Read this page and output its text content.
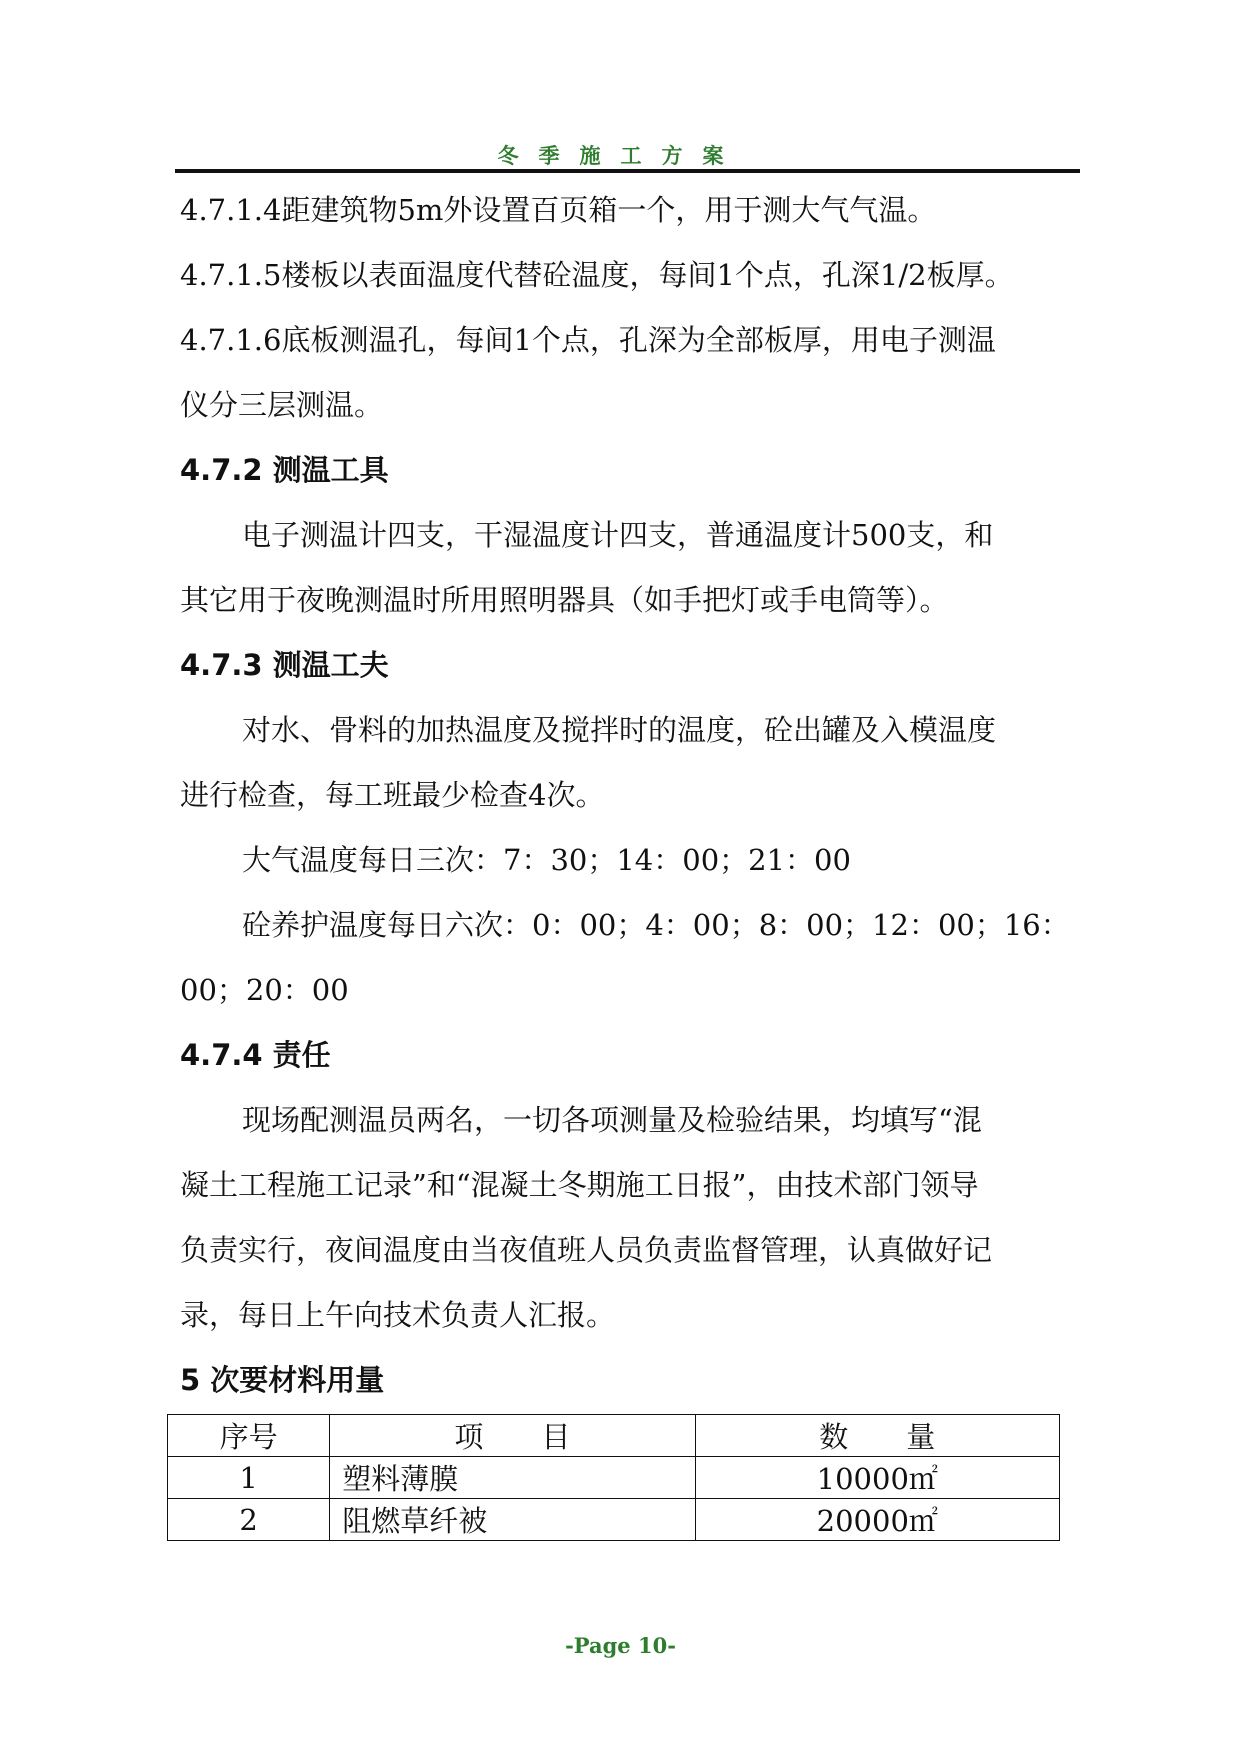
冬季施工方案

4.7.1.4距建筑物5m外设置百页箱一个，用于测大气气温。

4.7.1.5楼板以表面温度代替砼温度，每间1个点，孔深1/2板厚。

4.7.1.6底板测温孔，每间1个点，孔深为全部板厚，用电子测温

仪分三层测温。

4.7.2 测温工具

电子测温计四支，干湿温度计四支，普通温度计500支，和

其它用于夜晚测温时所用照明器具（如手把灯或手电筒等）。

4.7.3 测温工夫

对水、骨料的加热温度及搅拌时的温度，砼出罐及入模温度

进行检查，每工班最少检查4次。

大气温度每日三次：7：30；14：00；21：00

砼养护温度每日六次：0：00；4：00；8：00；12：00；16：

00；20：00

4.7.4 责任

现场配测温员两名，一切各项测量及检验结果，均填写“混

凝土工程施工记录”和“混凝土冬期施工日报”，由技术部门领导

负责实行，夜间温度由当夜值班人员负责监督管理，认真做好记

录，每日上午向技术负责人汇报。

5 次要材料用量

序号	项　　目	数　　量
1	塑料薄膜	10000㎡
2	阻燃草纤被	20000㎡
-Page 10-
